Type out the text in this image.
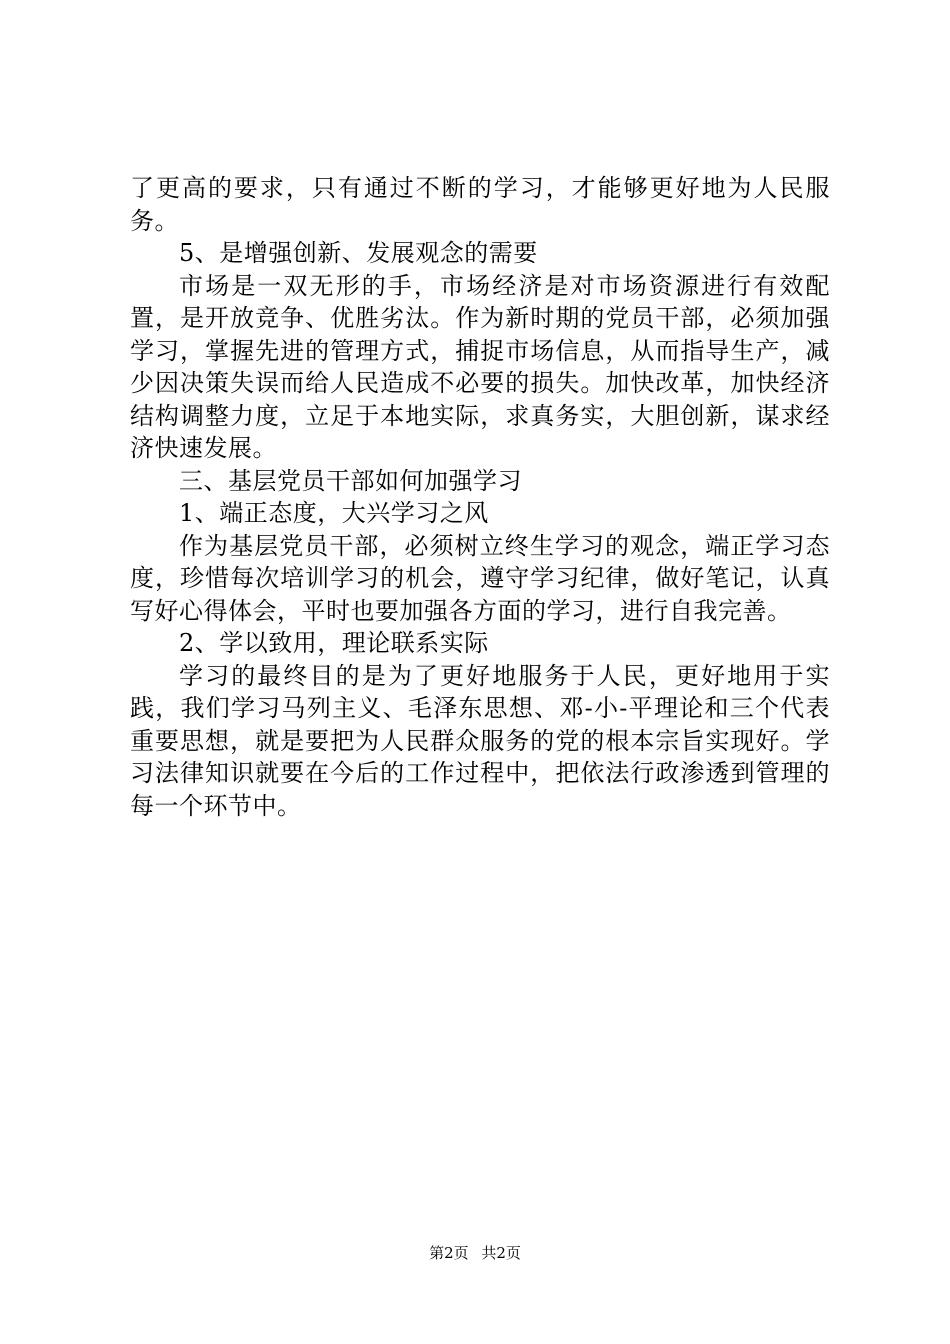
了更高的要求，只有通过不断的学习，才能够更好地为人民服务。

5、是增强创新、发展观念的需要

市场是一双无形的手，市场经济是对市场资源进行有效配置，是开放竞争、优胜劣汰。作为新时期的党员干部，必须加强学习，掌握先进的管理方式，捕捉市场信息，从而指导生产，减少因决策失误而给人民造成不必要的损失。加快改革，加快经济结构调整力度，立足于本地实际，求真务实，大胆创新，谋求经济快速发展。

三、基层党员干部如何加强学习

1、端正态度，大兴学习之风

作为基层党员干部，必须树立终生学习的观念，端正学习态度，珍惜每次培训学习的机会，遵守学习纪律，做好笔记，认真写好心得体会，平时也要加强各方面的学习，进行自我完善。

2、学以致用，理论联系实际

学习的最终目的是为了更好地服务于人民，更好地用于实践，我们学习马列主义、毛泽东思想、邓-小-平理论和三个代表重要思想，就是要把为人民群众服务的党的根本宗旨实现好。学习法律知识就要在今后的工作过程中，把依法行政渗透到管理的每一个环节中。

第2页 共2页
